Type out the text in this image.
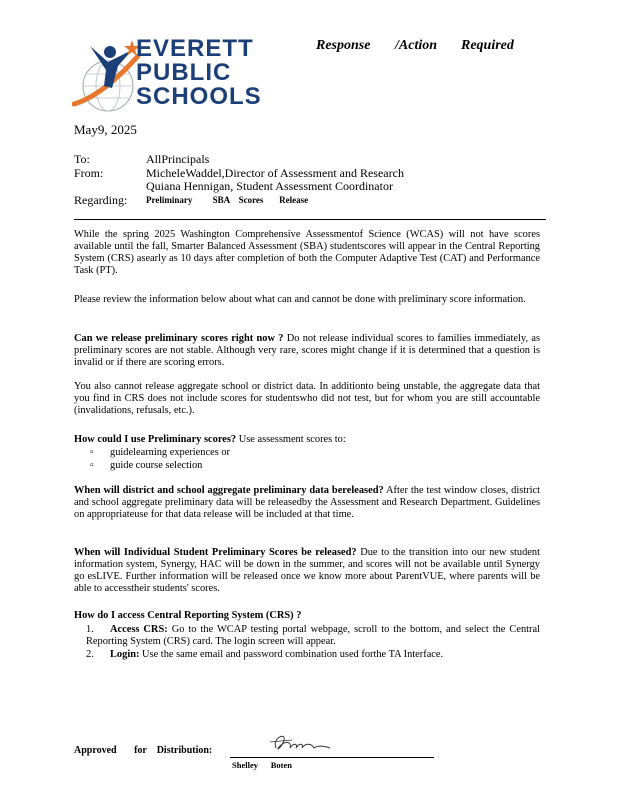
EVERETT
PUBLIC
SCHOOLS
Response /Action Required
May9, 2025
To:	AllPrincipals
From:	MicheleWaddel,Director of Assessment and Research
Quiana Hennigan, Student Assessment Coordinator
Regarding: Preliminary         SBA    Scores       Release
While the spring 2025 Washington Comprehensive Assessmentof Science (WCAS) will not have scores available until the fall, Smarter Balanced Assessment (SBA) studentscores will appear in the Central Reporting System (CRS) asearly as 10 days after completion of both the Computer Adaptive Test (CAT) and Performance Task (PT).
Please review the information below about what can and cannot be done with preliminary score information.
Can we release preliminary scores right now ? Do not release individual scores to families immediately, as preliminary scores are not stable. Although very rare, scores might change if it is determined that a question is invalid or if there are scoring errors.
You also cannot release aggregate school or district data. In additionto being unstable, the aggregate data that you find in CRS does not include scores for studentswho did not test, but for whom you are still accountable (invalidations, refusals, etc.).
How could I use Preliminary scores? Use assessment scores to:
▫ guidelearning experiences or
▫ guide course selection
When will district and school aggregate preliminary data bereleased? After the test window closes, district and school aggregate preliminary data will be releasedby the Assessment and Research Department. Guidelines on appropriateuse for that data release will be included at that time.
When will Individual Student Preliminary Scores be released? Due to the transition into our new student information system, Synergy, HAC will be down in the summer, and scores will not be available until Synergy go esLIVE. Further information will be released once we know more about ParentVUE, where parents will be able to accesstheir students' scores.
How do I access Central Reporting System (CRS) ?
1. Access CRS: Go to the WCAP testing portal webpage, scroll to the bottom, and select the Central Reporting System (CRS) card. The login screen will appear.
2. Login: Use the same email and password combination used forthe TA Interface.
Approved       for    Distribution:
Shelley      Boten
